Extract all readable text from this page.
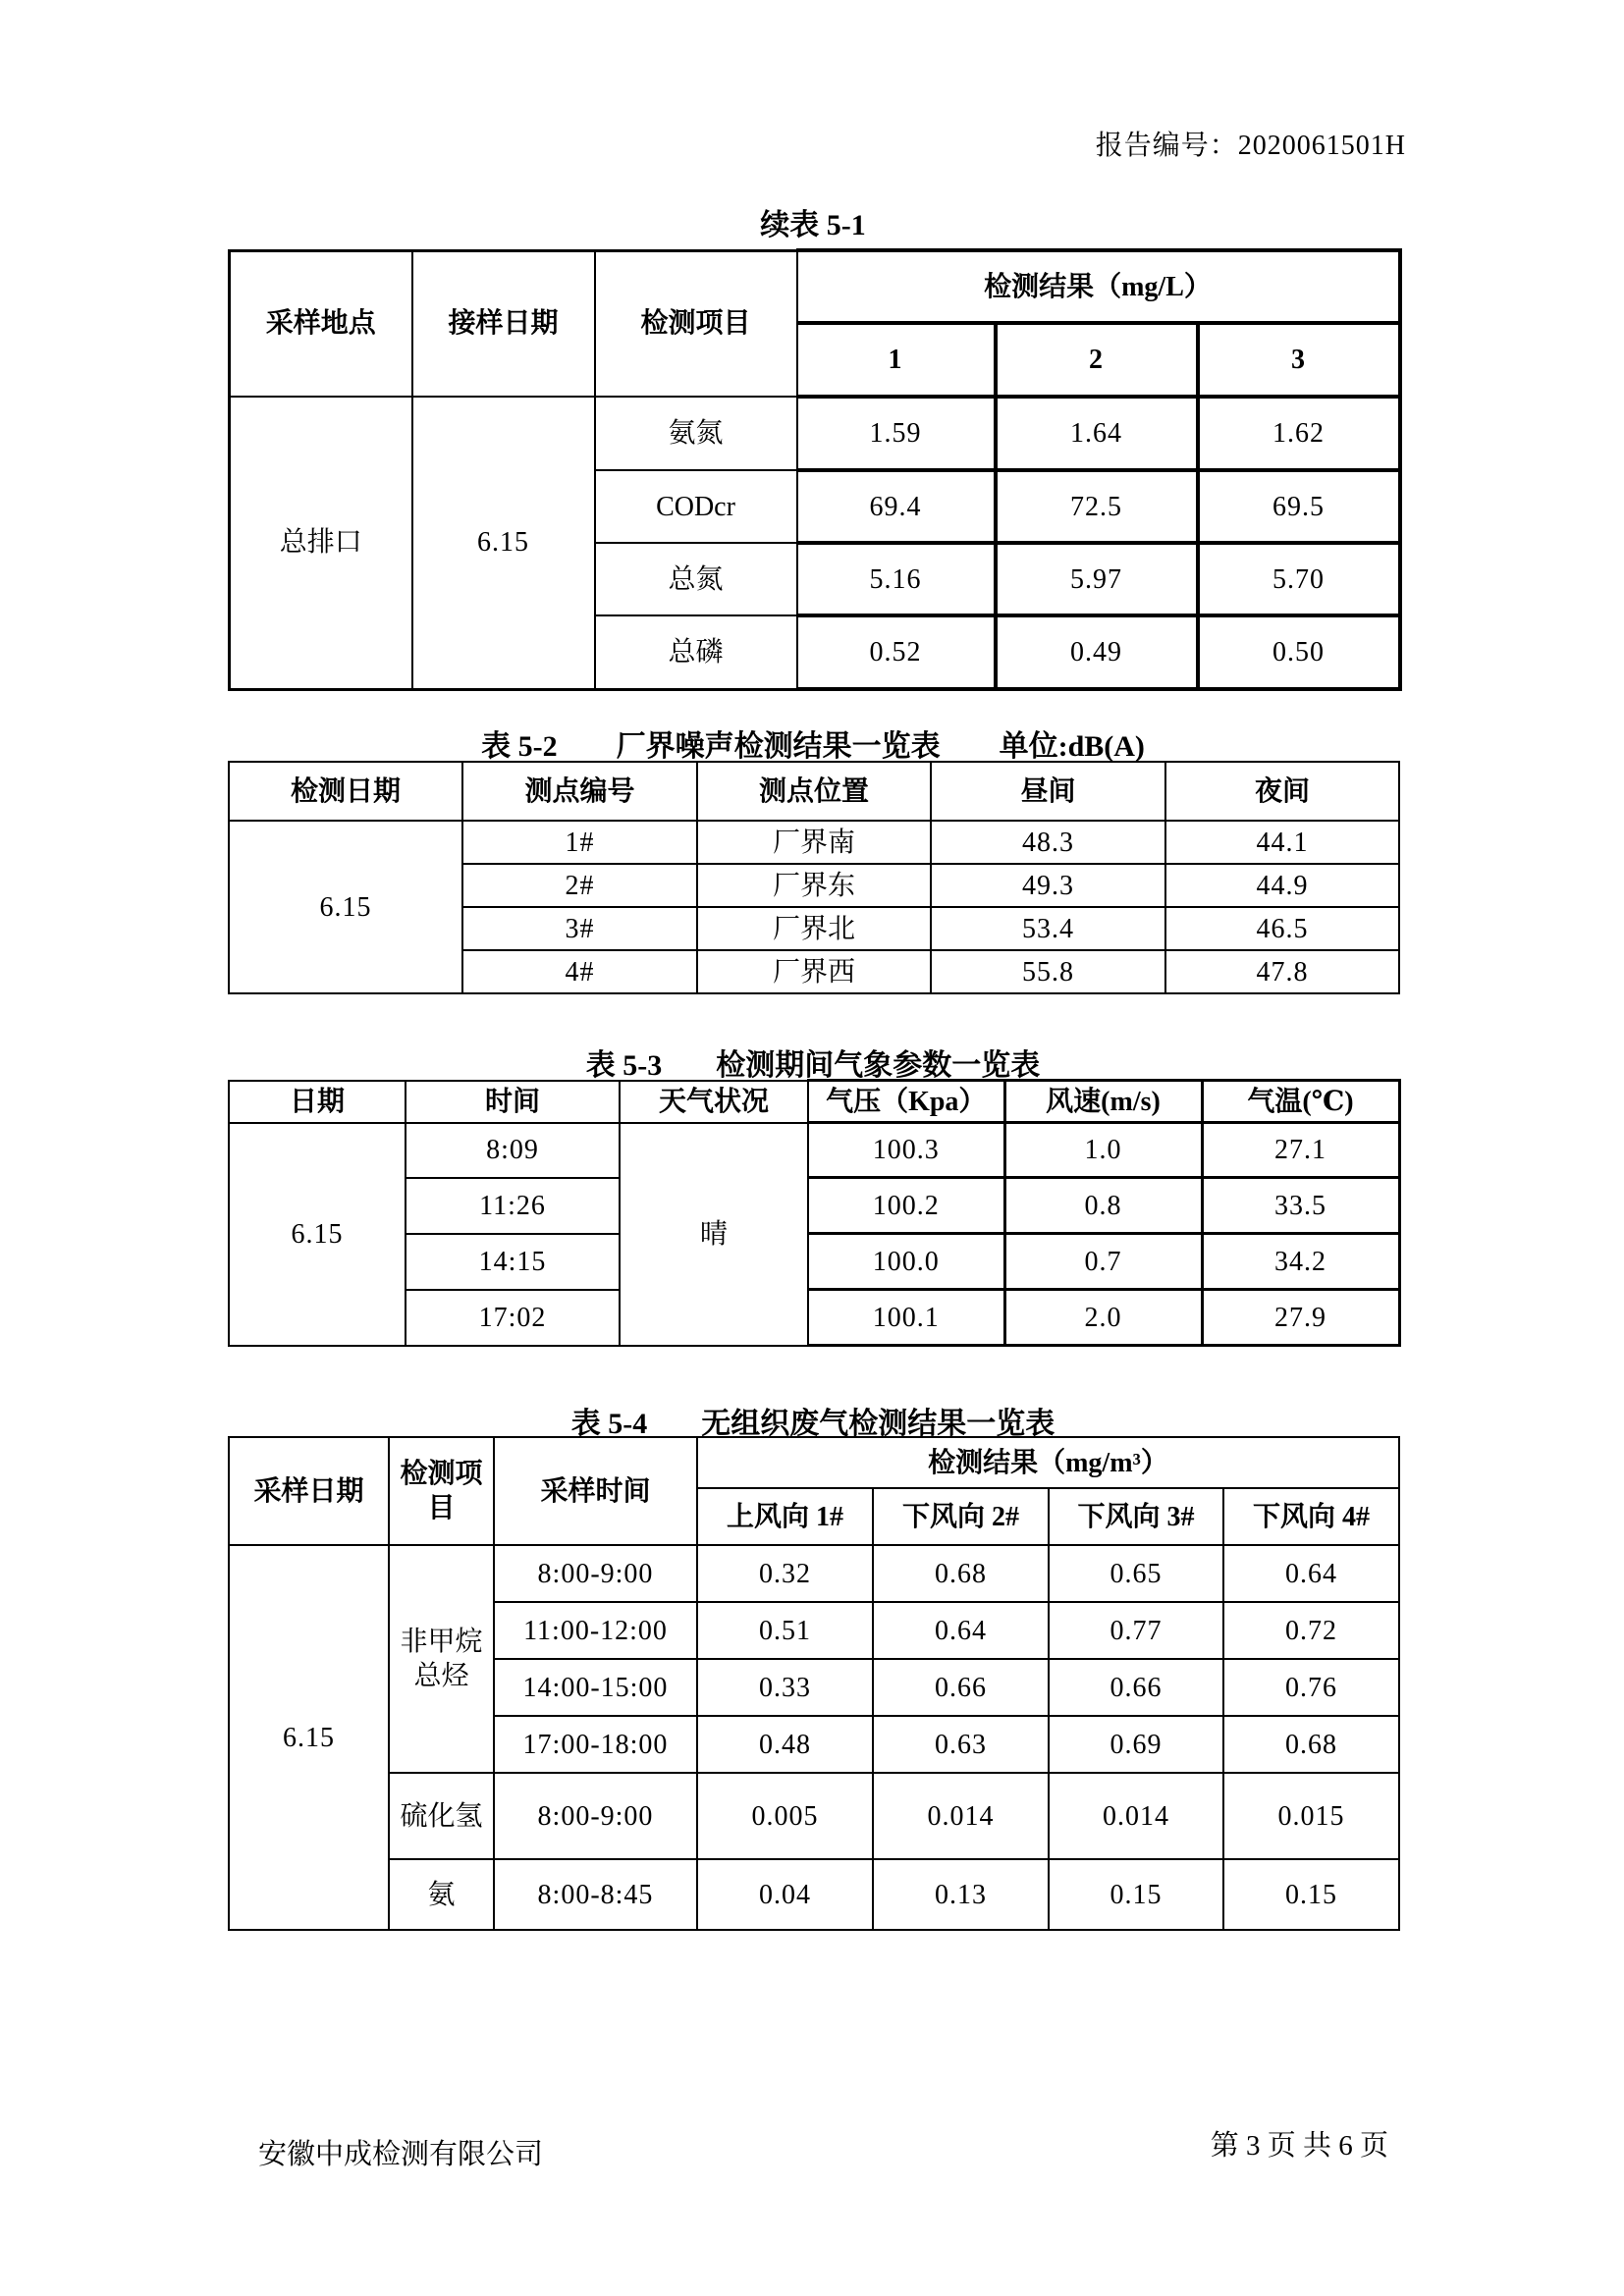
报告编号：2020061501H
续表 5-1
采样地点	接样日期	检测项目	检测结果（mg/L）		
			1	2	3
总排口	6.15	氨氮	1.59	1.64	1.62
		CODcr	69.4	72.5	69.5
		总氮	5.16	5.97	5.70
		总磷	0.52	0.49	0.50
表 5-2 厂界噪声检测结果一览表 单位:dB(A)
检测日期	测点编号	测点位置	昼间	夜间
6.15	1#	厂界南	48.3	44.1
	2#	厂界东	49.3	44.9
	3#	厂界北	53.4	46.5
	4#	厂界西	55.8	47.8
表 5-3 检测期间气象参数一览表
日期	时间	天气状况	气压（Kpa）	风速(m/s)	气温(℃)
6.15	8:09	晴	100.3	1.0	27.1
	11:26		100.2	0.8	33.5
	14:15		100.0	0.7	34.2
	17:02		100.1	2.0	27.9
表 5-4 无组织废气检测结果一览表
采样日期	检测项目	采样时间	检测结果（mg/m³）			
			上风向 1#	下风向 2#	下风向 3#	下风向 4#
6.15	非甲烷总烃	8:00-9:00	0.32	0.68	0.65	0.64
		11:00-12:00	0.51	0.64	0.77	0.72
		14:00-15:00	0.33	0.66	0.66	0.76
		17:00-18:00	0.48	0.63	0.69	0.68
	硫化氢	8:00-9:00	0.005	0.014	0.014	0.015
	氨	8:00-8:45	0.04	0.13	0.15	0.15
安徽中成检测有限公司	第 3 页 共 6 页
